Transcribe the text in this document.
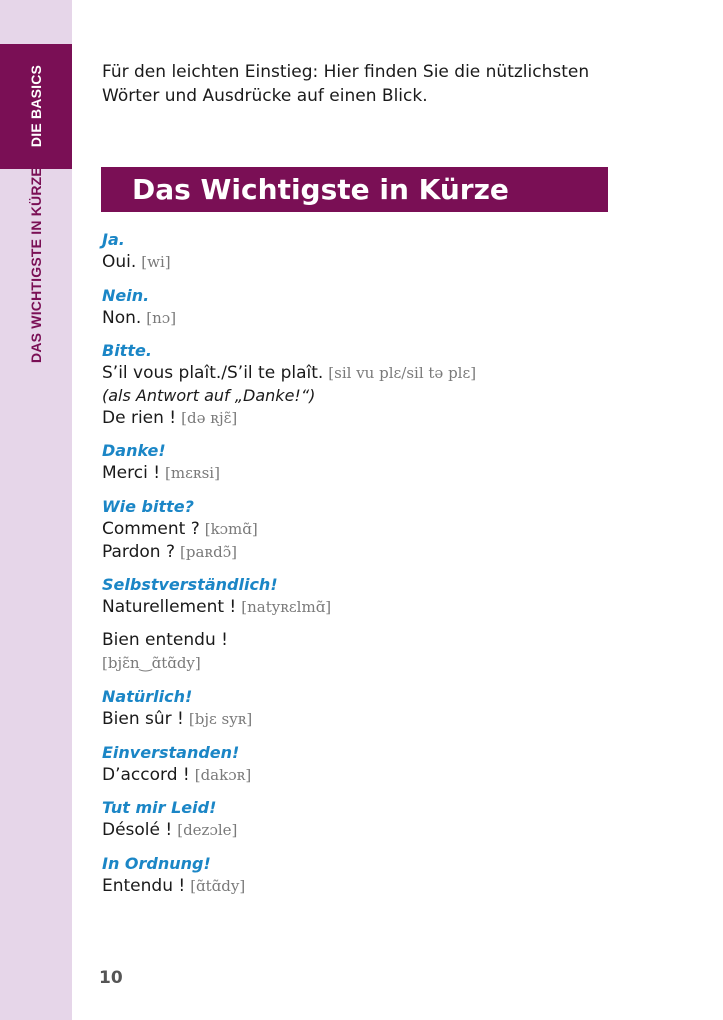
DIE BASICS
DAS WICHTIGSTE IN KÜRZE
Für den leichten Einstieg: Hier finden Sie die nützlichsten Wörter und Ausdrücke auf einen Blick.
Das Wichtigste in Kürze
Ja.
Oui. [wi]
Nein.
Non. [nɔ]
Bitte.
S’il vous plaît./S’il te plaît. [sil vu plɛ/sil tə plɛ]
(als Antwort auf „Danke!“)
De rien ! [də ʀjɛ̃]
Danke!
Merci ! [mɛʀsi]
Wie bitte?
Comment ? [kɔmɑ̃]
Pardon ? [paʀdɔ̃]
Selbstverständlich!
Naturellement ! [natyʀɛlmɑ̃]
Bien entendu !
[bjɛ̃n‿ɑ̃tɑ̃dy]
Natürlich!
Bien sûr ! [bjɛ syʀ]
Einverstanden!
D’accord ! [dakɔʀ]
Tut mir Leid!
Désolé ! [dezɔle]
In Ordnung!
Entendu ! [ɑ̃tɑ̃dy]
10
